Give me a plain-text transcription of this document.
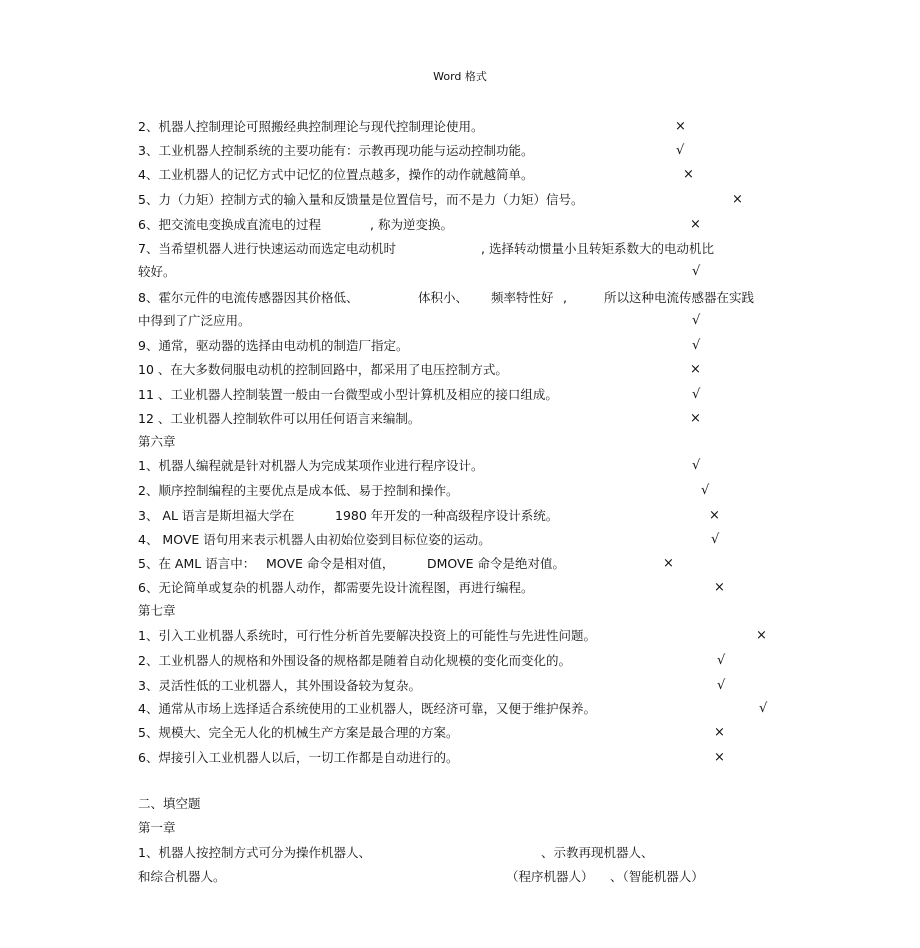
Word 格式
2、机器人控制理论可照搬经典控制理论与现代控制理论使用。	×
3、工业机器人控制系统的主要功能有：示教再现功能与运动控制功能。	√
4、工业机器人的记忆方式中记忆的位置点越多，操作的动作就越简单。	×
5、力（力矩）控制方式的输入量和反馈量是位置信号，而不是力（力矩）信号。	×
6、把交流电变换成直流电的过程	, 称为逆变换。	×
7、当希望机器人进行快速运动而选定电动机时	, 选择转动惯量小且转矩系数大的电动机比
较好。	√
8、霍尔元件的电流传感器因其价格低、	体积小、 频率特性好 ,	所以这种电流传感器在实践
中得到了广泛应用。	√
9、通常，驱动器的选择由电动机的制造厂指定。	√
10 、在大多数伺服电动机的控制回路中，都采用了电压控制方式。	×
11 、工业机器人控制装置一般由一台微型或小型计算机及相应的接口组成。	√
12 、工业机器人控制软件可以用任何语言来编制。	×
第六章
1、机器人编程就是针对机器人为完成某项作业进行程序设计。	√
2、顺序控制编程的主要优点是成本低、易于控制和操作。	√
3、 AL 语言是斯坦福大学在	1980 年开发的一种高级程序设计系统。	×
4、 MOVE 语句用来表示机器人由初始位姿到目标位姿的运动。	√
5、在 AML 语言中： MOVE 命令是相对值，	DMOVE 命令是绝对值。	×
6、无论简单或复杂的机器人动作，都需要先设计流程图，再进行编程。	×
第七章
1、引入工业机器人系统时，可行性分析首先要解决投资上的可能性与先进性问题。	×
2、工业机器人的规格和外围设备的规格都是随着自动化规模的变化而变化的。	√
3、灵活性低的工业机器人，其外围设备较为复杂。	√
4、通常从市场上选择适合系统使用的工业机器人，既经济可靠，又便于维护保养。	√
5、规模大、完全无人化的机械生产方案是最合理的方案。	×
6、焊接引入工业机器人以后，一切工作都是自动进行的。	×
二、填空题
第一章
1、机器人按控制方式可分为操作机器人、	、示教再现机器人、
和综合机器人。	（程序机器人） 、（智能机器人）
